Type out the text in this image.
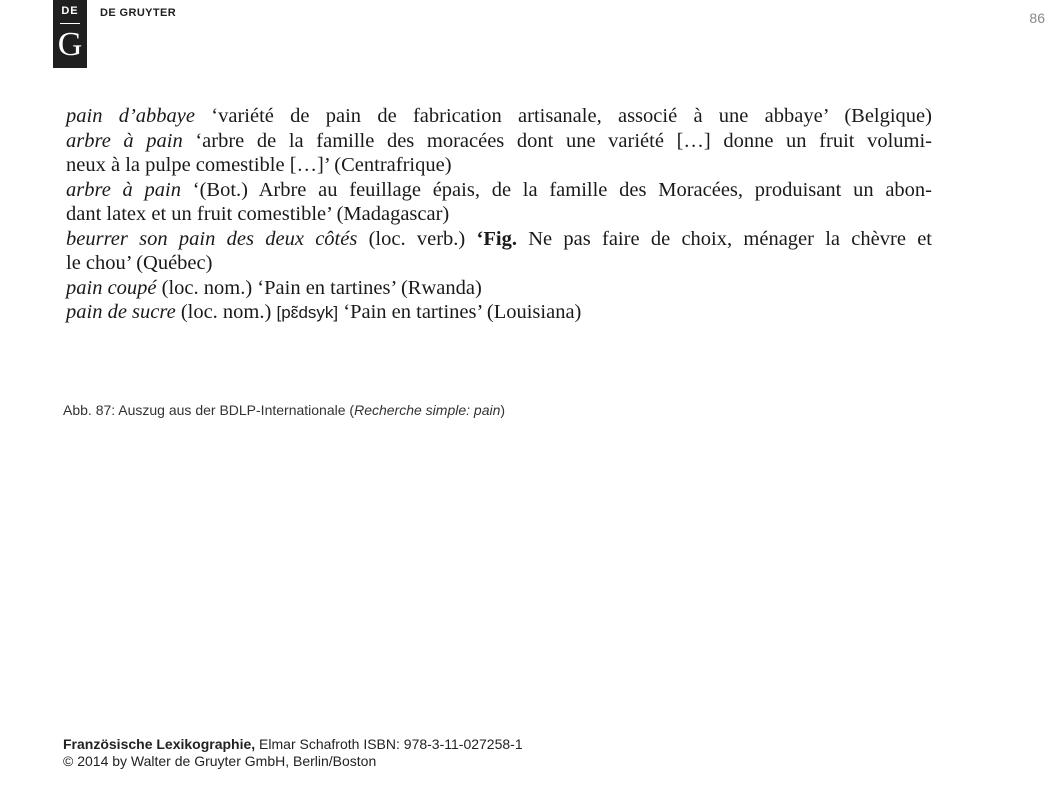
DE
G
DE GRUYTER	86
pain d’abbaye ‘variété de pain de fabrication artisanale, associé à une abbaye’ (Belgique)
arbre à pain ‘arbre de la famille des moracées dont une variété […] donne un fruit volumi-
neux à la pulpe comestible […]’ (Centrafrique)
arbre à pain ‘(Bot.) Arbre au feuillage épais, de la famille des Moracées, produisant un abon-
dant latex et un fruit comestible’ (Madagascar)
beurrer son pain des deux côtés (loc. verb.) ‘Fig. Ne pas faire de choix, ménager la chèvre et
le chou’ (Québec)
pain coupé (loc. nom.) ‘Pain en tartines’ (Rwanda)
pain de sucre (loc. nom.) [pɛ̃dsyk] ‘Pain en tartines’ (Louisiana)
Abb. 87: Auszug aus der BDLP-Internationale (Recherche simple: pain)
Französische Lexikographie, Elmar Schafroth ISBN: 978-3-11-027258-1
© 2014 by Walter de Gruyter GmbH, Berlin/Boston
